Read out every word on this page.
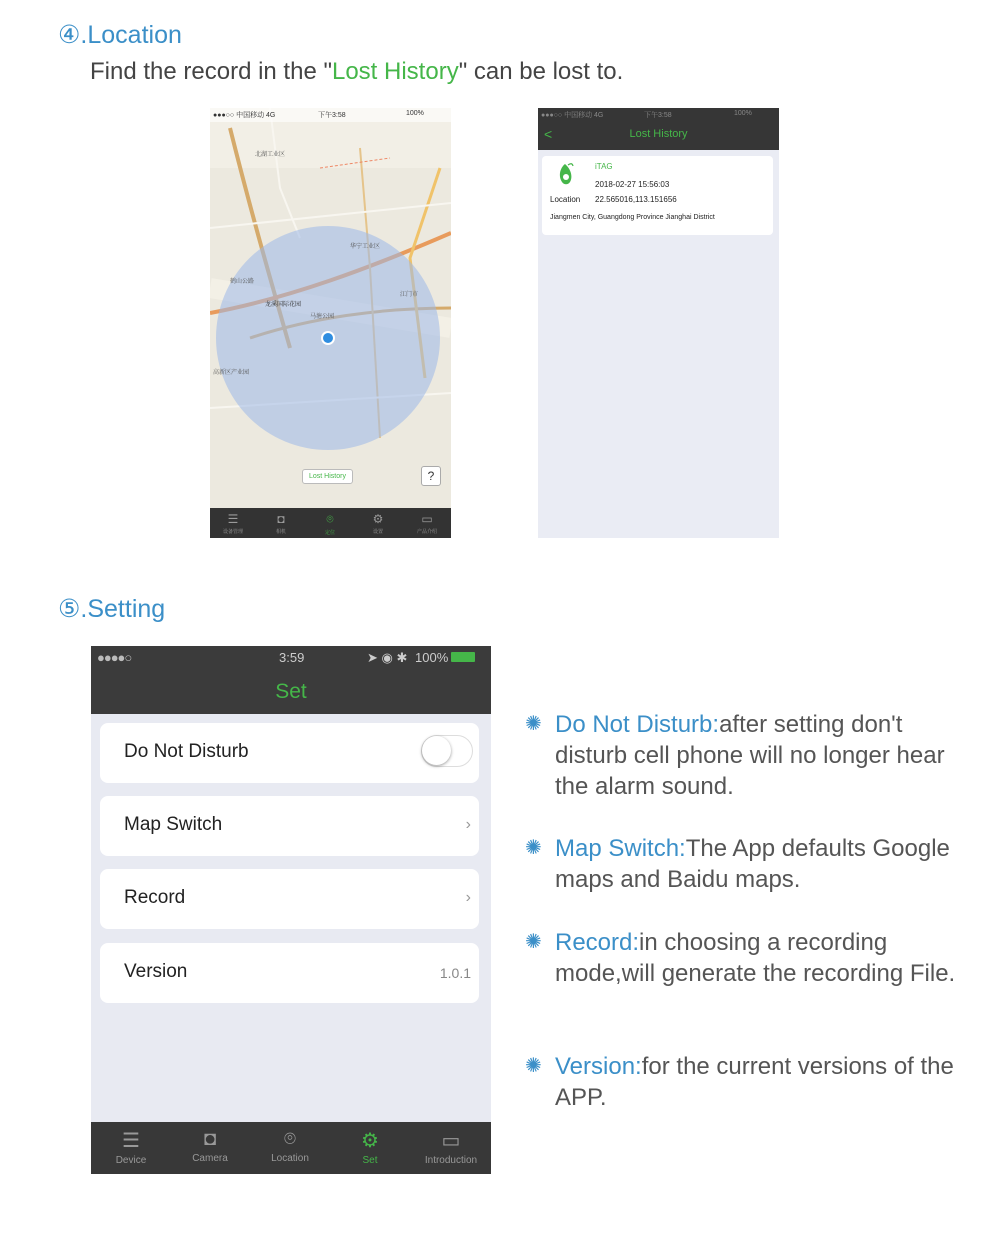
④.Location
Find the record in the "Lost History" can be lost to.
北湖工业区
马塘公园
龙溪国际花园
华宁工业区
江门市
鹤山公路
高新区产业园
●●●○○ 中国移动 4G	下午3:58	100%
Lost History	?
☰
设备管理
◘
相机
⌾
定位
⚙
设置
▭
产品介绍
●●●○○ 中国移动 4G	下午3:58	100%
<	Lost History
iTAG
2018-02-27 15:56:03
Location 22.565016,113.151656
Jiangmen City, Guangdong Province Jianghai District
⑤.Setting
●●●●○	3:59	➤ ◉ ✱ 100%
Set
Do Not Disturb
Map Switch	›
Record	›
Version	1.0.1
☰
Device
◘
Camera
⌾
Location
⚙
Set
▭
Introduction
✺ Do Not Disturb:after setting don't disturb cell phone will no longer hear the alarm sound.
✺ Map Switch:The App defaults Google maps and Baidu maps.
✺ Record:in choosing a recording mode,will generate the recording File.
✺ Version:for the current versions of the APP.
